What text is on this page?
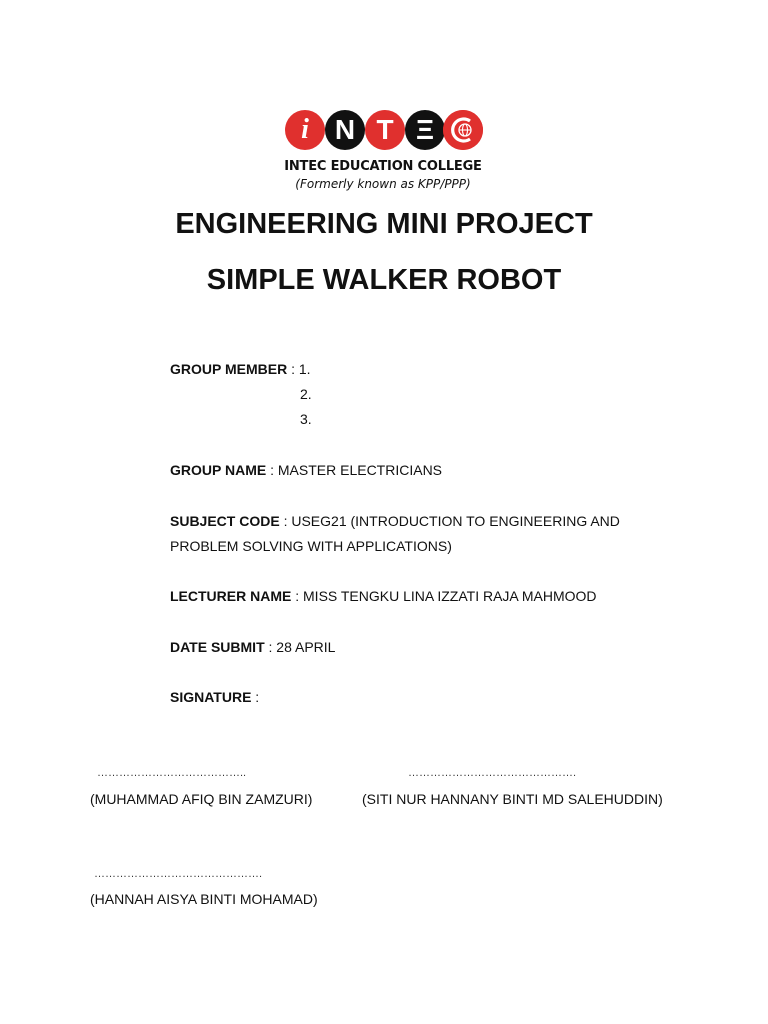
i N T Ξ
INTEC EDUCATION COLLEGE
(Formerly known as KPP/PPP)
ENGINEERING MINI PROJECT
SIMPLE WALKER ROBOT
GROUP MEMBER : 1.
2.
3.
GROUP NAME : MASTER ELECTRICIANS
SUBJECT CODE : USEG21 (INTRODUCTION TO ENGINEERING AND
PROBLEM SOLVING WITH APPLICATIONS)
LECTURER NAME : MISS TENGKU LINA IZZATI RAJA MAHMOOD
DATE SUBMIT : 28 APRIL
SIGNATURE :
…………………………………..
(MUHAMMAD AFIQ BIN ZAMZURI)
……………………………………….
(SITI NUR HANNANY BINTI MD SALEHUDDIN)
……………………………………….
(HANNAH AISYA BINTI MOHAMAD)
